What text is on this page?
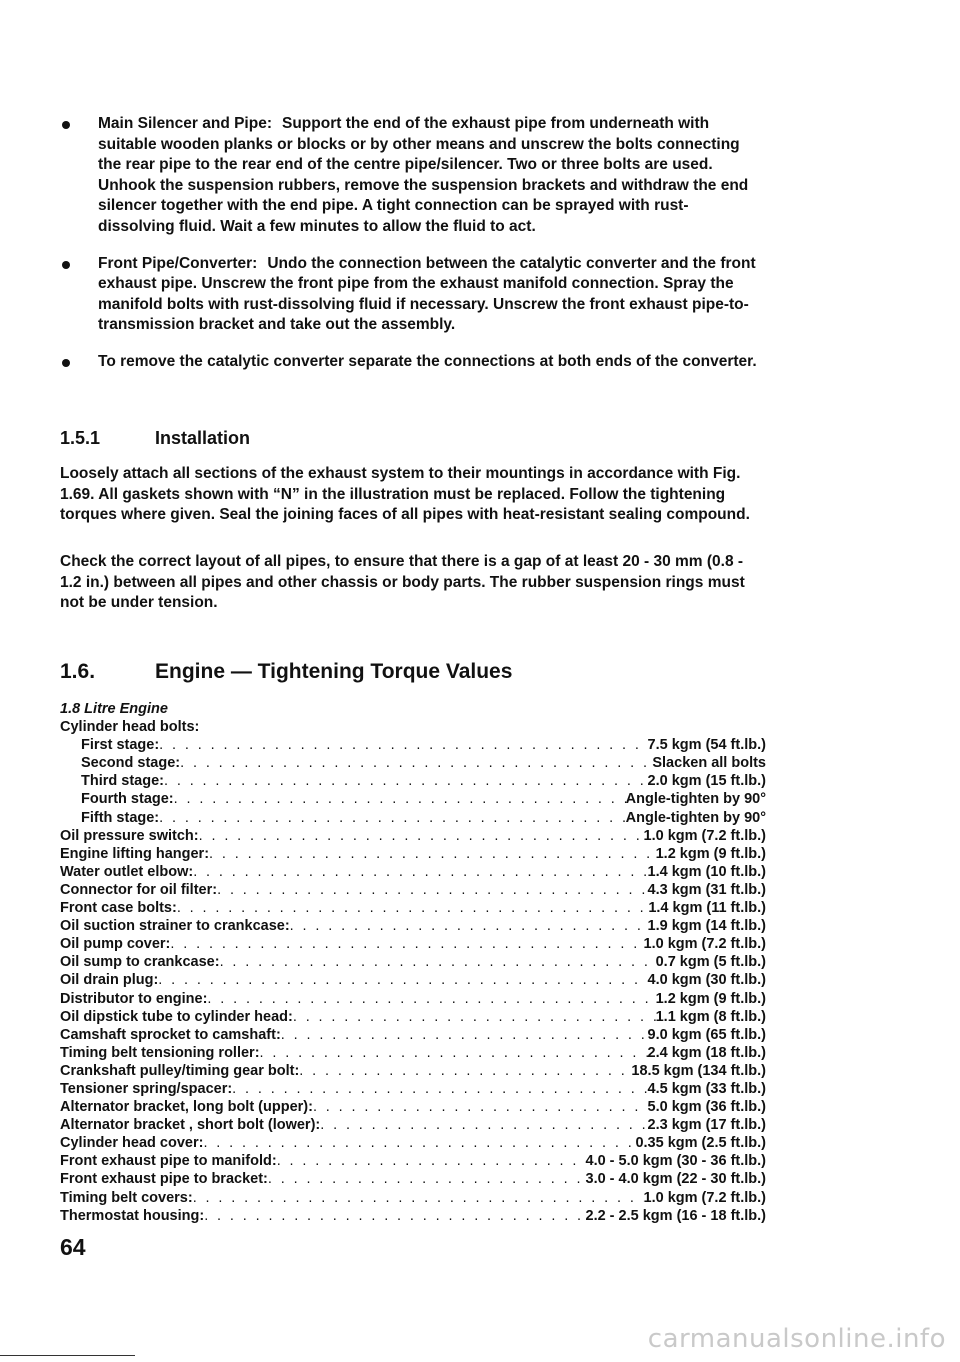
Main Silencer and Pipe: Support the end of the exhaust pipe from underneath with suitable wooden planks or blocks or by other means and unscrew the bolts connecting the rear pipe to the rear end of the centre pipe/silencer. Two or three bolts are used. Unhook the suspension rubbers, remove the suspension brackets and withdraw the end silencer together with the end pipe. A tight connection can be sprayed with rust-dissolving fluid. Wait a few minutes to allow the fluid to act.
Front Pipe/Converter: Undo the connection between the catalytic converter and the front exhaust pipe. Unscrew the front pipe from the exhaust manifold connection. Spray the manifold bolts with rust-dissolving fluid if necessary. Unscrew the front exhaust pipe-to-transmission bracket and take out the assembly.
To remove the catalytic converter separate the connections at both ends of the converter.
1.5.1	Installation
Loosely attach all sections of the exhaust system to their mountings in accordance with Fig. 1.69. All gaskets shown with “N” in the illustration must be replaced. Follow the tightening torques where given. Seal the joining faces of all pipes with heat-resistant sealing compound.
Check the correct layout of all pipes, to ensure that there is a gap of at least 20 - 30 mm (0.8 - 1.2 in.) between all pipes and other chassis or body parts. The rubber suspension rings must not be under tension.
1.6.	Engine — Tightening Torque Values
1.8 Litre Engine
Cylinder head bolts:
First stage: . . .	7.5 kgm (54 ft.lb.)
Second stage: . . .	Slacken all bolts
Third stage: . . .	2.0 kgm (15 ft.lb.)
Fourth stage: . . .	Angle-tighten by 90°
Fifth stage: . . .	Angle-tighten by 90°
Oil pressure switch: . . .	1.0 kgm (7.2 ft.lb.)
Engine lifting hanger: . . .	1.2 kgm (9 ft.lb.)
Water outlet elbow: . . .	1.4 kgm (10 ft.lb.)
Connector for oil filter: . . .	4.3 kgm (31 ft.lb.)
Front case bolts: . . .	1.4 kgm (11 ft.lb.)
Oil suction strainer to crankcase: . . .	1.9 kgm (14 ft.lb.)
Oil pump cover: . . .	1.0 kgm (7.2 ft.lb.)
Oil sump to crankcase: . . .	0.7 kgm (5 ft.lb.)
Oil drain plug: . . .	4.0 kgm (30 ft.lb.)
Distributor to engine: . . .	1.2 kgm (9 ft.lb.)
Oil dipstick tube to cylinder head: . . .	1.1 kgm (8 ft.lb.)
Camshaft sprocket to camshaft: . . .	9.0 kgm (65 ft.lb.)
Timing belt tensioning roller: . . .	2.4 kgm (18 ft.lb.)
Crankshaft pulley/timing gear bolt: . . .	18.5 kgm (134 ft.lb.)
Tensioner spring/spacer: . . .	4.5 kgm (33 ft.lb.)
Alternator bracket, long bolt (upper): . . .	5.0 kgm (36 ft.lb.)
Alternator bracket , short bolt (lower): . . .	2.3 kgm (17 ft.lb.)
Cylinder head cover: . . .	0.35 kgm (2.5 ft.lb.)
Front exhaust pipe to manifold: . . .	4.0 - 5.0 kgm (30 - 36 ft.lb.)
Front exhaust pipe to bracket: . . .	3.0 - 4.0 kgm (22 - 30 ft.lb.)
Timing belt covers: . . .	1.0 kgm (7.2 ft.lb.)
Thermostat housing: . . .	2.2 - 2.5 kgm (16 - 18 ft.lb.)
64
carmanualsonline.info
